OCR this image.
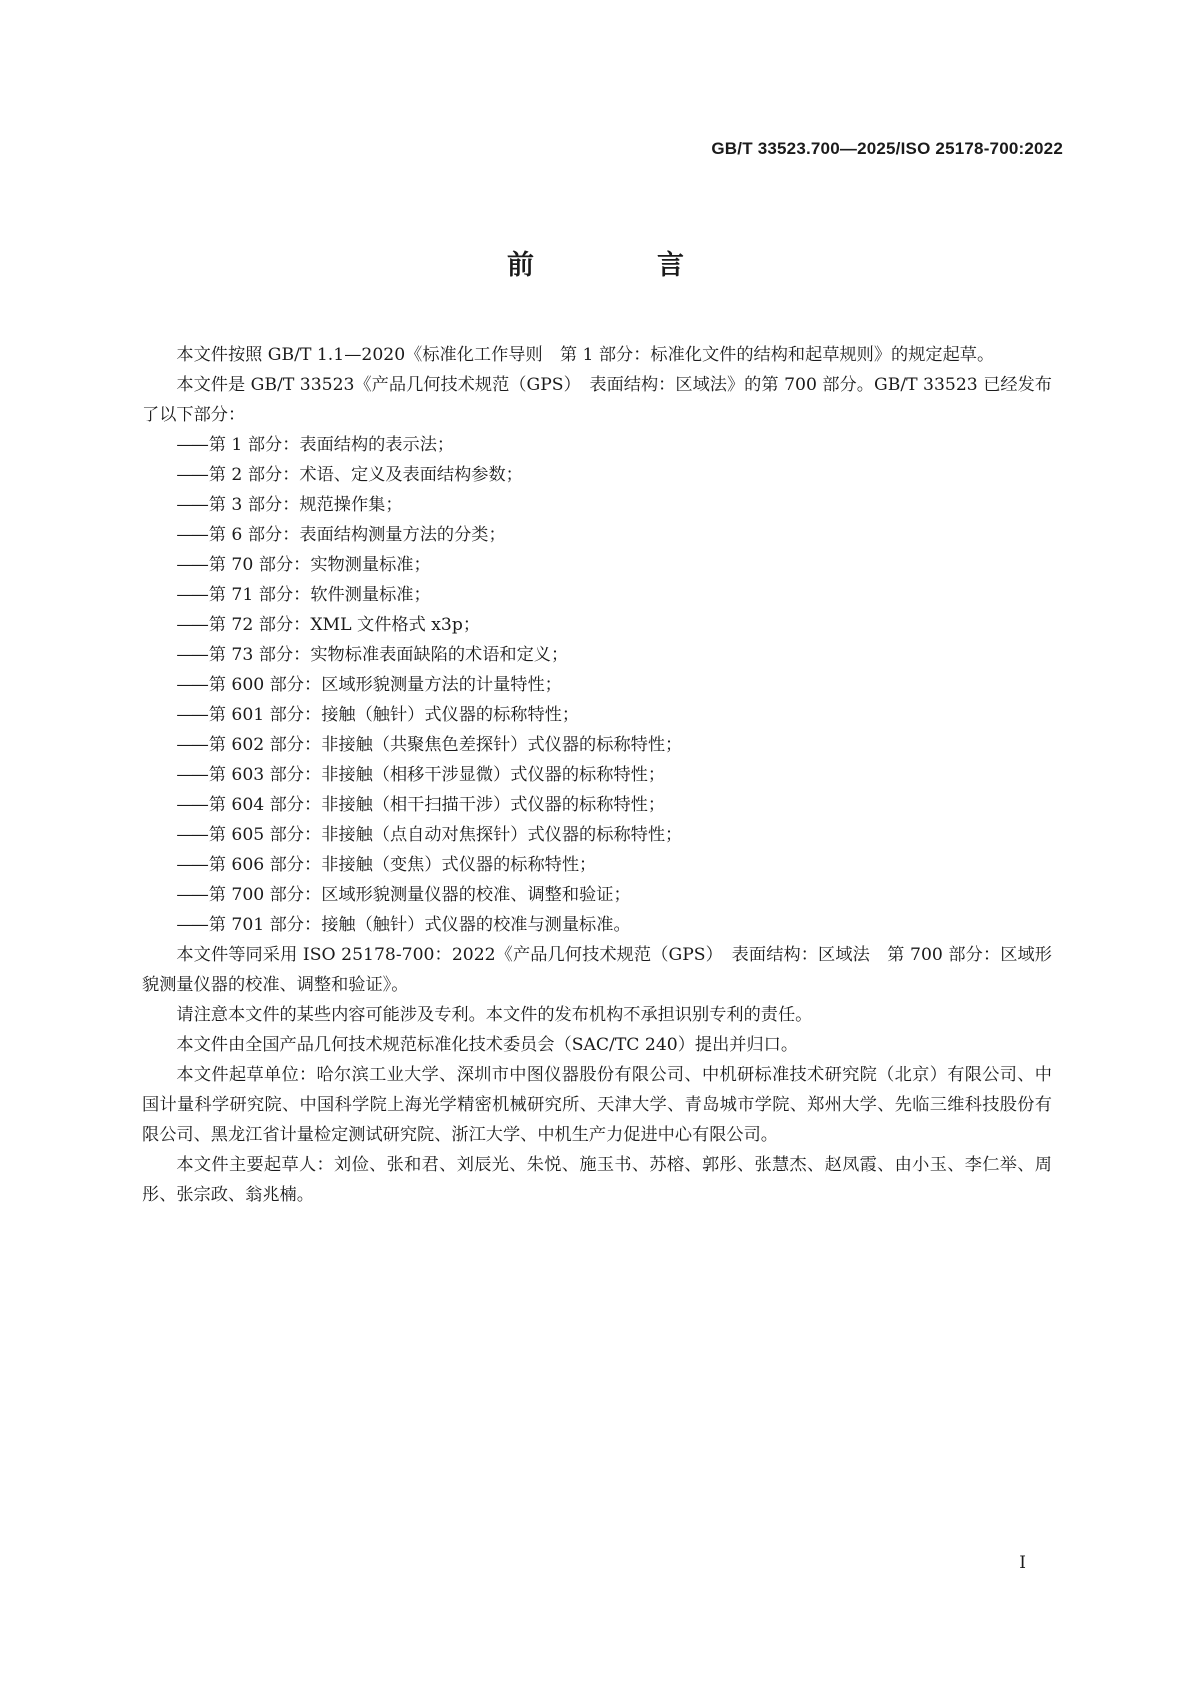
GB/T 33523.700—2025/ISO 25178-700:2022
前　言

本文件按照 GB/T 1.1—2020《标准化工作导则　第 1 部分：标准化文件的结构和起草规则》的规定起草。

本文件是 GB/T 33523《产品几何技术规范（GPS）　表面结构：区域法》的第 700 部分。GB/T 33523 已经发布了以下部分：

—— 第 1 部分：表面结构的表示法；
—— 第 2 部分：术语、定义及表面结构参数；
—— 第 3 部分：规范操作集；
—— 第 6 部分：表面结构测量方法的分类；
—— 第 70 部分：实物测量标准；
—— 第 71 部分：软件测量标准；
—— 第 72 部分：XML 文件格式 x3p；
—— 第 73 部分：实物标准表面缺陷的术语和定义；
—— 第 600 部分：区域形貌测量方法的计量特性；
—— 第 601 部分：接触（触针）式仪器的标称特性；
—— 第 602 部分：非接触（共聚焦色差探针）式仪器的标称特性；
—— 第 603 部分：非接触（相移干涉显微）式仪器的标称特性；
—— 第 604 部分：非接触（相干扫描干涉）式仪器的标称特性；
—— 第 605 部分：非接触（点自动对焦探针）式仪器的标称特性；
—— 第 606 部分：非接触（变焦）式仪器的标称特性；
—— 第 700 部分：区域形貌测量仪器的校准、调整和验证；
—— 第 701 部分：接触（触针）式仪器的校准与测量标准。

本文件等同采用 ISO 25178-700：2022《产品几何技术规范（GPS）　表面结构：区域法　第 700 部分：区域形貌测量仪器的校准、调整和验证》。

请注意本文件的某些内容可能涉及专利。本文件的发布机构不承担识别专利的责任。

本文件由全国产品几何技术规范标准化技术委员会（SAC/TC 240）提出并归口。

本文件起草单位：哈尔滨工业大学、深圳市中图仪器股份有限公司、中机研标准技术研究院（北京）有限公司、中国计量科学研究院、中国科学院上海光学精密机械研究所、天津大学、青岛城市学院、郑州大学、先临三维科技股份有限公司、黑龙江省计量检定测试研究院、浙江大学、中机生产力促进中心有限公司。

本文件主要起草人：刘俭、张和君、刘辰光、朱悦、施玉书、苏榕、郭彤、张慧杰、赵凤霞、由小玉、李仁举、周彤、张宗政、翁兆楠。

I
